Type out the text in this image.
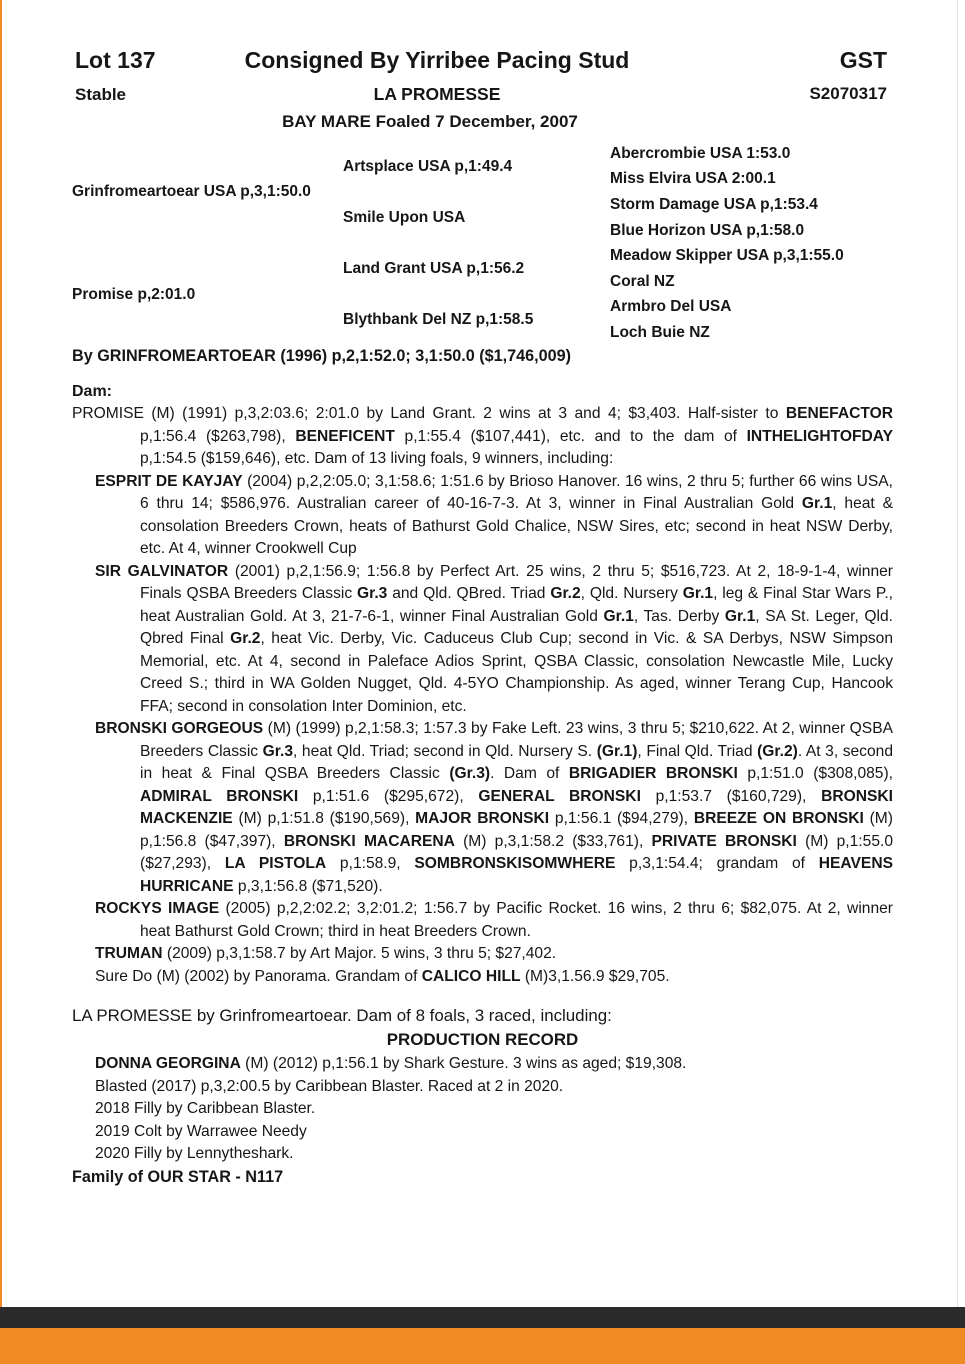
Lot 137	Consigned By Yirribee Pacing Stud	GST
Stable	LA PROMESSE	S2070317
BAY MARE Foaled 7 December, 2007
Grinfromeartoear USA p,3,1:50.0
Promise p,2:01.0
Artsplace USA p,1:49.4
Smile Upon USA
Land Grant USA p,1:56.2
Blythbank Del NZ p,1:58.5
Abercrombie USA 1:53.0
Miss Elvira USA 2:00.1
Storm Damage USA p,1:53.4
Blue Horizon USA p,1:58.0
Meadow Skipper USA p,3,1:55.0
Coral NZ
Armbro Del USA
Loch Buie NZ

By GRINFROMEARTOEAR (1996) p,2,1:52.0; 3,1:50.0 ($1,746,009)

Dam:

PROMISE (M) (1991) p,3,2:03.6; 2:01.0 by Land Grant. 2 wins at 3 and 4; $3,403. Half-sister to BENEFACTOR p,1:56.4 ($263,798), BENEFICENT p,1:55.4 ($107,441), etc. and to the dam of INTHELIGHTOFDAY p,1:54.5 ($159,646), etc. Dam of 13 living foals, 9 winners, including:

ESPRIT DE KAYJAY (2004) p,2,2:05.0; 3,1:58.6; 1:51.6 by Brioso Hanover. 16 wins, 2 thru 5; further 66 wins USA, 6 thru 14; $586,976. Australian career of 40-16-7-3. At 3, winner in Final Australian Gold Gr.1, heat & consolation Breeders Crown, heats of Bathurst Gold Chalice, NSW Sires, etc; second in heat NSW Derby, etc. At 4, winner Crookwell Cup

SIR GALVINATOR (2001) p,2,1:56.9; 1:56.8 by Perfect Art. 25 wins, 2 thru 5; $516,723. At 2, 18-9-1-4, winner Finals QSBA Breeders Classic Gr.3 and Qld. QBred. Triad Gr.2, Qld. Nursery Gr.1, leg & Final Star Wars P., heat Australian Gold. At 3, 21-7-6-1, winner Final Australian Gold Gr.1, Tas. Derby Gr.1, SA St. Leger, Qld. Qbred Final Gr.2, heat Vic. Derby, Vic. Caduceus Club Cup; second in Vic. & SA Derbys, NSW Simpson Memorial, etc. At 4, second in Paleface Adios Sprint, QSBA Classic, consolation Newcastle Mile, Lucky Creed S.; third in WA Golden Nugget, Qld. 4-5YO Championship. As aged, winner Terang Cup, Hancook FFA; second in consolation Inter Dominion, etc.

BRONSKI GORGEOUS (M) (1999) p,2,1:58.3; 1:57.3 by Fake Left. 23 wins, 3 thru 5; $210,622. At 2, winner QSBA Breeders Classic Gr.3, heat Qld. Triad; second in Qld. Nursery S. (Gr.1), Final Qld. Triad (Gr.2). At 3, second in heat & Final QSBA Breeders Classic (Gr.3). Dam of BRIGADIER BRONSKI p,1:51.0 ($308,085), ADMIRAL BRONSKI p,1:51.6 ($295,672), GENERAL BRONSKI p,1:53.7 ($160,729), BRONSKI MACKENZIE (M) p,1:51.8 ($190,569), MAJOR BRONSKI p,1:56.1 ($94,279), BREEZE ON BRONSKI (M) p,1:56.8 ($47,397), BRONSKI MACARENA (M) p,3,1:58.2 ($33,761), PRIVATE BRONSKI (M) p,1:55.0 ($27,293), LA PISTOLA p,1:58.9, SOMBRONSKISOMWHERE p,3,1:54.4; grandam of HEAVENS HURRICANE p,3,1:56.8 ($71,520).

ROCKYS IMAGE (2005) p,2,2:02.2; 3,2:01.2; 1:56.7 by Pacific Rocket. 16 wins, 2 thru 6; $82,075. At 2, winner heat Bathurst Gold Crown; third in heat Breeders Crown.

TRUMAN (2009) p,3,1:58.7 by Art Major. 5 wins, 3 thru 5; $27,402.

Sure Do (M) (2002) by Panorama. Grandam of CALICO HILL (M)3,1.56.9 $29,705.

LA PROMESSE by Grinfromeartoear. Dam of 8 foals, 3 raced, including:

PRODUCTION RECORD

DONNA GEORGINA (M) (2012) p,1:56.1 by Shark Gesture. 3 wins as aged; $19,308.

Blasted (2017) p,3,2:00.5 by Caribbean Blaster. Raced at 2 in 2020.

2018 Filly by Caribbean Blaster.

2019 Colt by Warrawee Needy

2020 Filly by Lennytheshark.

Family of OUR STAR - N117
